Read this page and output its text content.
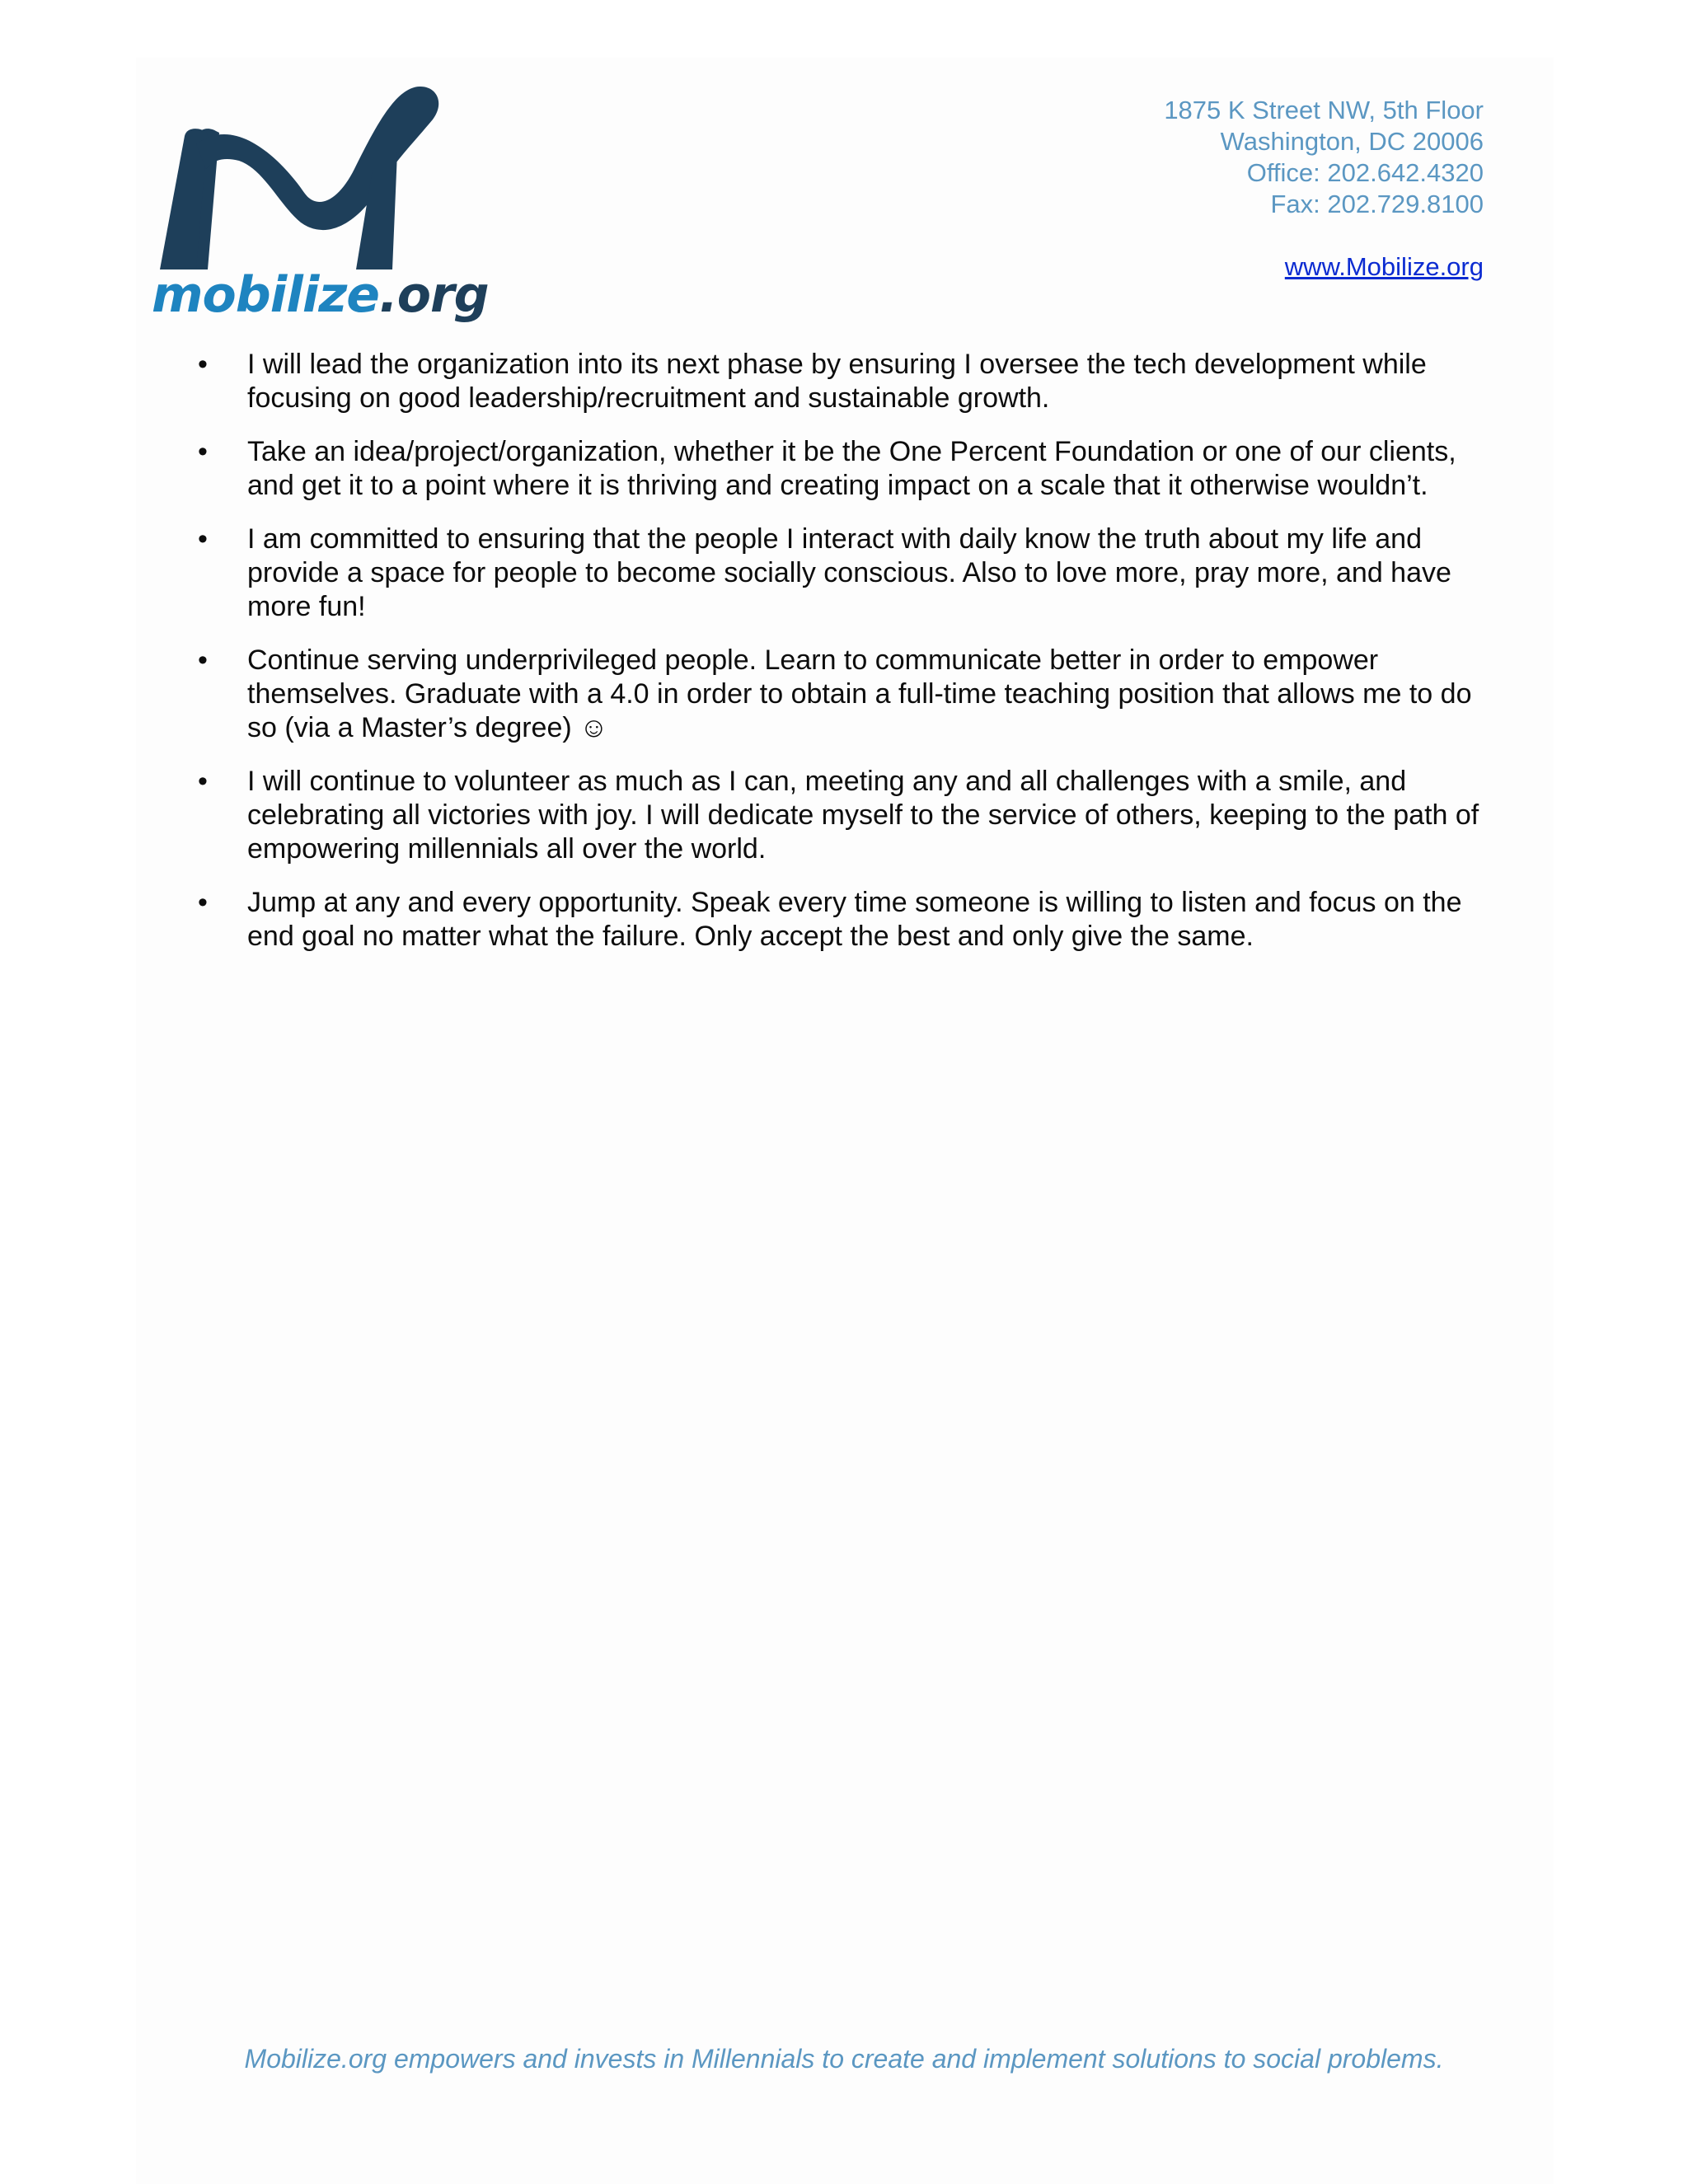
mobilize.org
1875 K Street NW, 5th Floor
Washington, DC 20006
Office: 202.642.4320
Fax: 202.729.8100
www.Mobilize.org
• I will lead the organization into its next phase by ensuring I oversee the tech development while focusing on good leadership/recruitment and sustainable growth.
• Take an idea/project/organization, whether it be the One Percent Foundation or one of our clients, and get it to a point where it is thriving and creating impact on a scale that it otherwise wouldn’t.
• I am committed to ensuring that the people I interact with daily know the truth about my life and provide a space for people to become socially conscious. Also to love more, pray more, and have more fun!
• Continue serving underprivileged people. Learn to communicate better in order to empower themselves. Graduate with a 4.0 in order to obtain a full-time teaching position that allows me to do so (via a Master’s degree) ☺
• I will continue to volunteer as much as I can, meeting any and all challenges with a smile, and celebrating all victories with joy. I will dedicate myself to the service of others, keeping to the path of empowering millennials all over the world.
• Jump at any and every opportunity. Speak every time someone is willing to listen and focus on the end goal no matter what the failure. Only accept the best and only give the same.
Mobilize.org empowers and invests in Millennials to create and implement solutions to social problems.
